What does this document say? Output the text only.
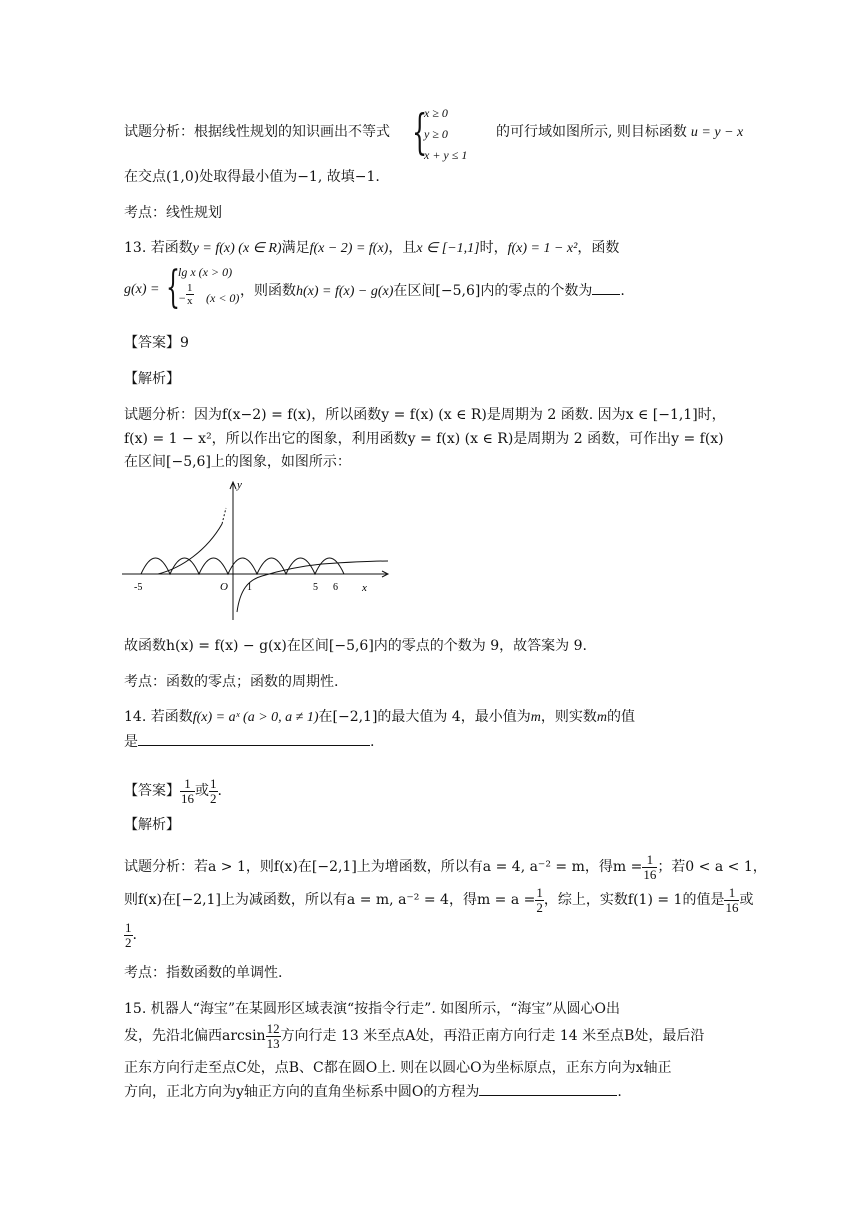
试题分析：根据线性规划的知识画出不等式 {
x ≥ 0
y ≥ 0
x + y ≤ 1
的可行域如图所示, 则目标函数 u = y − x
在交点(1,0)处取得最小值为−1, 故填−1.
考点：线性规划
13. 若函数y = f(x) (x ∈ R)满足f(x − 2) = f(x)，且x ∈ [−1,1]时，f(x) = 1 − x²，函数
g(x) = {
lg x (x > 0)
− $\frac{1}{x} (x < 0)$ ，则函数h(x) = f(x) − g(x)在区间[−5,6]内的零点的个数为 .
【答案】9
【解析】
试题分析：因为f(x−2) = f(x)，所以函数y = f(x) (x ∈ R)是周期为 2 函数. 因为x ∈ [−1,1]时，
f(x) = 1 − x²，所以作出它的图象，利用函数y = f(x) (x ∈ R)是周期为 2 函数，可作出y = f(x)
在区间[−5,6]上的图象，如图所示：
y
x
O
-5	1	5 6
故函数h(x) = f(x) − g(x)在区间[−5,6]内的零点的个数为 9，故答案为 9.
考点：函数的零点；函数的周期性.
14. 若函数f(x) = aˣ (a > 0, a ≠ 1)在[−2,1]的最大值为 4，最小值为m，则实数m的值
是	.
【答案】 $\frac{1}{16}$ 或 $\frac{1}{2}$ .
【解析】
试题分析：若a > 1，则f(x)在[−2,1]上为增函数，所以有a = 4, a⁻² = m，得$m = \frac{1}{16}$ ；若0 < a < 1，
则f(x)在[−2,1]上为减函数，所以有a = m, a⁻² = 4，得$m = a = \frac{1}{2}$ ，综上，实数f(1) = 1的值是 $\frac{1}{16}$ 或
$\frac{1}{2}$ .
考点：指数函数的单调性.
15. 机器人“海宝”在某圆形区域表演“按指令行走”. 如图所示，“海宝”从圆心O出
发，先沿北偏西$\arcsin \frac{12}{13}$ 方向行走 13 米至点A处，再沿正南方向行走 14 米至点B处，最后沿
正东方向行走至点C处，点B、C都在圆O上. 则在以圆心O为坐标原点，正东方向为x轴正
方向，正北方向为y轴正方向的直角坐标系中圆O的方程为	.
